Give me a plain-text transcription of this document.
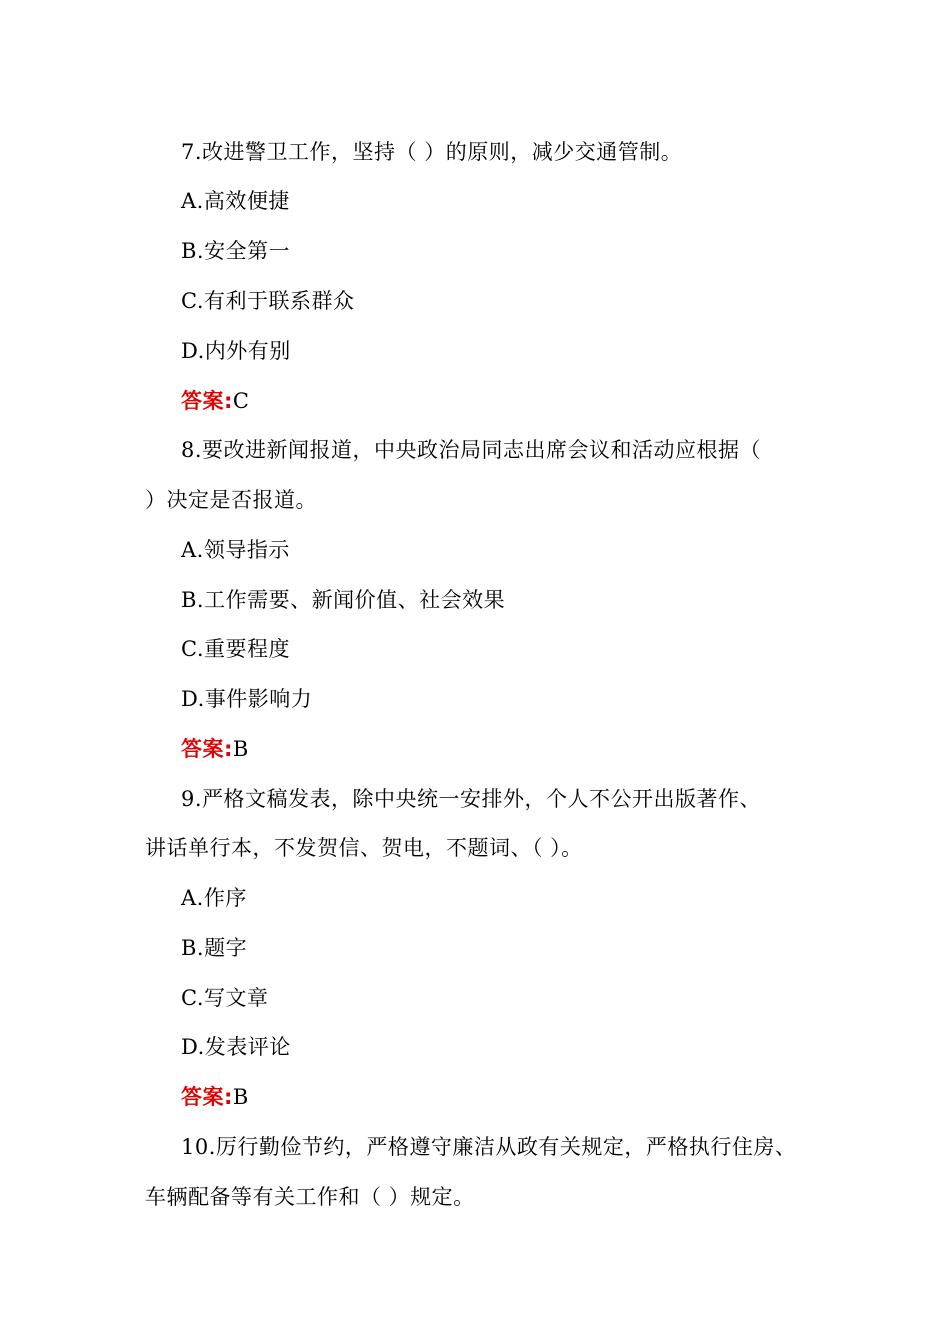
7.改进警卫工作，坚持（ ）的原则，减少交通管制。
A.高效便捷
B.安全第一
C.有利于联系群众
D.内外有别
答案:C
8.要改进新闻报道，中央政治局同志出席会议和活动应根据（
）决定是否报道。
A.领导指示
B.工作需要、新闻价值、社会效果
C.重要程度
D.事件影响力
答案:B
9.严格文稿发表，除中央统一安排外，个人不公开出版著作、
讲话单行本，不发贺信、贺电，不题词、（ ）。
A.作序
B.题字
C.写文章
D.发表评论
答案:B
10.厉行勤俭节约，严格遵守廉洁从政有关规定，严格执行住房、
车辆配备等有关工作和（ ）规定。
